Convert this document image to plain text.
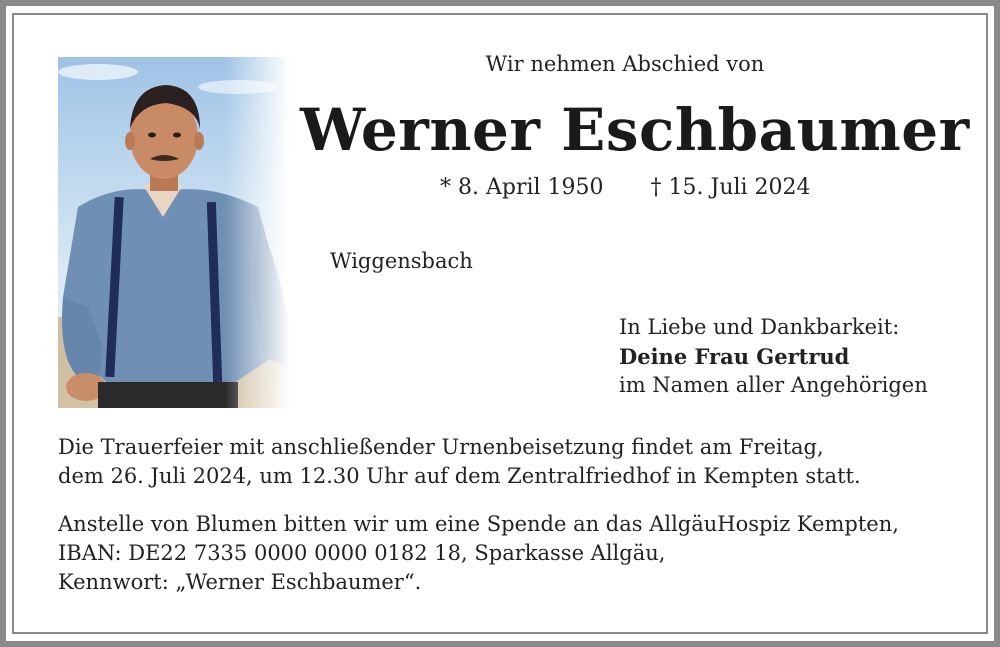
Wir nehmen Abschied von
Werner Eschbaumer
* 8. April 1950 † 15. Juli 2024
Wiggensbach
In Liebe und Dankbarkeit:
Deine Frau Gertrud
im Namen aller Angehörigen
Die Trauerfeier mit anschließender Urnenbeisetzung findet am Freitag,
dem 26. Juli 2024, um 12.30 Uhr auf dem Zentralfriedhof in Kempten statt.
Anstelle von Blumen bitten wir um eine Spende an das AllgäuHospiz Kempten,
IBAN: DE22 7335 0000 0000 0182 18, Sparkasse Allgäu,
Kennwort: „Werner Eschbaumer“.
